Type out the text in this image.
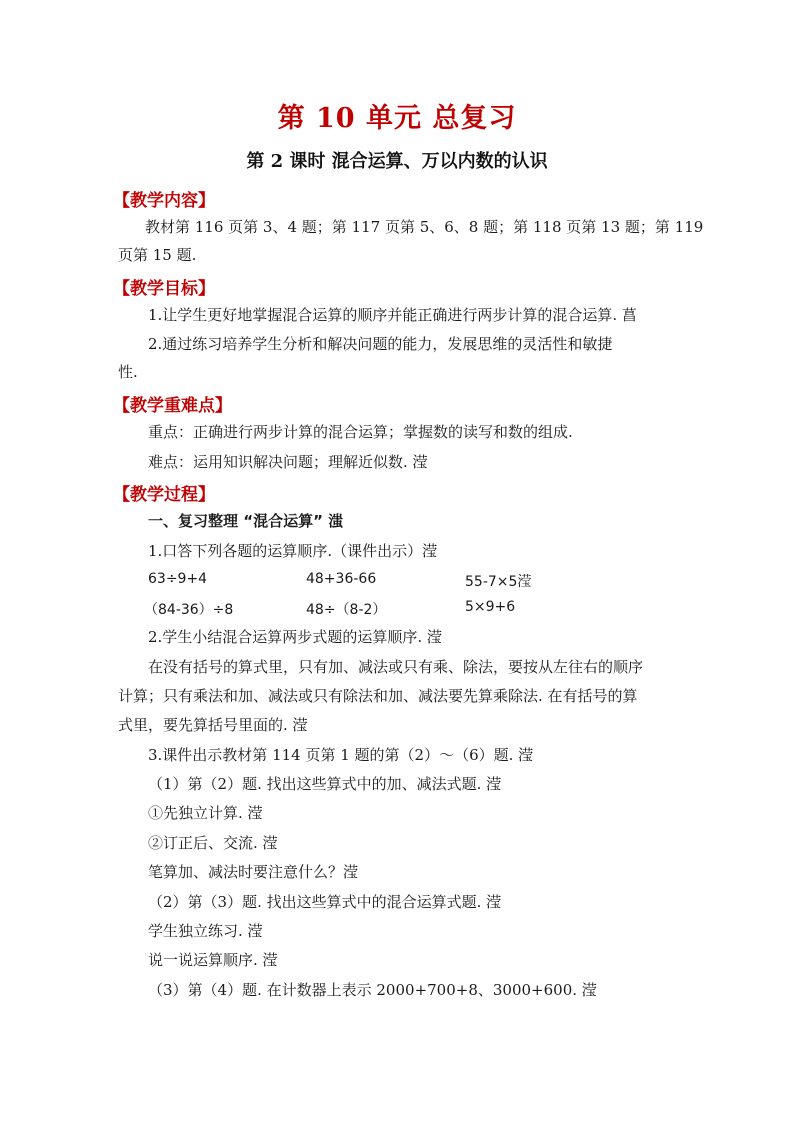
第 10 单元 总复习
第 2 课时 混合运算、万以内数的认识
【教学内容】
教材第 116 页第 3、4 题；第 117 页第 5、6、8 题；第 118 页第 13 题；第 119
页第 15 题.
【教学目标】
1.让学生更好地掌握混合运算的顺序并能正确进行两步计算的混合运算. 菖
2.通过练习培养学生分析和解决问题的能力，发展思维的灵活性和敏捷
性.
【教学重难点】
重点：正确进行两步计算的混合运算；掌握数的读写和数的组成.
难点：运用知识解决问题；理解近似数. 滢
【教学过程】
一、复习整理 “混合运算” 滍
1.口答下列各题的运算顺序.（课件出示）滢
63÷9+4	48+36-66	55-7×5滢
（84-36）÷8	48÷（8-2）	5×9+6
2.学生小结混合运算两步式题的运算顺序. 滢
在没有括号的算式里，只有加、减法或只有乘、除法，要按从左往右的顺序
计算；只有乘法和加、减法或只有除法和加、减法要先算乘除法. 在有括号的算
式里，要先算括号里面的. 滢
3.课件出示教材第 114 页第 1 题的第（2）～（6）题. 滢
（1）第（2）题. 找出这些算式中的加、减法式题. 滢
①先独立计算. 滢
②订正后、交流. 滢
笔算加、减法时要注意什么？滢
（2）第（3）题. 找出这些算式中的混合运算式题. 滢
学生独立练习. 滢
说一说运算顺序. 滢
（3）第（4）题. 在计数器上表示 2000+700+8、3000+600. 滢
